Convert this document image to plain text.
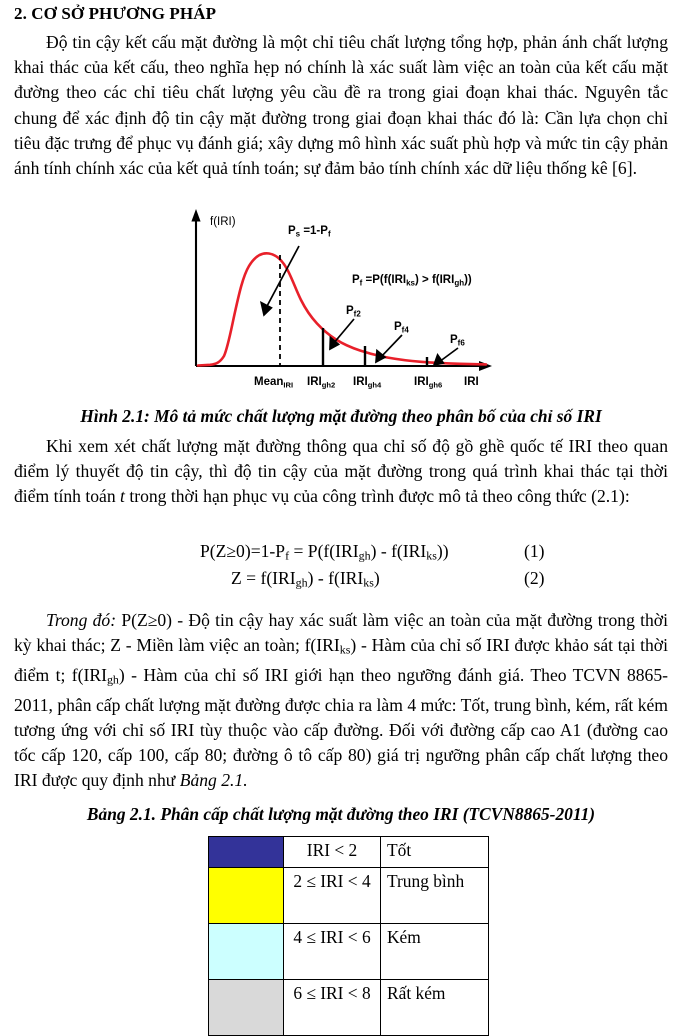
2. CƠ SỞ PHƯƠNG PHÁP
Độ tin cậy kết cấu mặt đường là một chỉ tiêu chất lượng tổng hợp, phản ánh chất lượng khai thác của kết cấu, theo nghĩa hẹp nó chính là xác suất làm việc an toàn của kết cấu mặt đường theo các chỉ tiêu chất lượng yêu cầu đề ra trong giai đoạn khai thác. Nguyên tắc chung để xác định độ tin cậy mặt đường trong giai đoạn khai thác đó là: Cần lựa chọn chỉ tiêu đặc trưng để phục vụ đánh giá; xây dựng mô hình xác suất phù hợp và mức tin cậy phản ánh tính chính xác của kết quả tính toán; sự đảm bảo tính chính xác dữ liệu thống kê [6].
f(IRI)
$P_s =1-P_f$
$P_f =P(f(IRI_{ks}) > f(IRI_{gh}))$
$P_{f2}$
$P_{f4}$
$P_{f6}$
Mean$_{IRI}$ $IRI_{gh2}$ $IRI_{gh4}$	$IRI_{gh6}$ IRI
Hình 2.1: Mô tả mức chất lượng mặt đường theo phân bố của chỉ số IRI
Khi xem xét chất lượng mặt đường thông qua chỉ số độ gồ ghề quốc tế IRI theo quan điểm lý thuyết độ tin cậy, thì độ tin cậy của mặt đường trong quá trình khai thác tại thời điểm tính toán t trong thời hạn phục vụ của công trình được mô tả theo công thức (2.1):
$P(Z\ge 0)=1-P_f = P(f(IRI_{gh}) - f(IRI_{ks}))$	(1)
$Z = f(IRI_{gh}) - f(IRI_{ks})$	(2)
Trong đó: P(Z≥0) - Độ tin cậy hay xác suất làm việc an toàn của mặt đường trong thời kỳ khai thác; Z - Miền làm việc an toàn; $f(IRI_{ks})$ - Hàm của chỉ số IRI được khảo sát tại thời điểm t; $f(IRI_{gh})$ - Hàm của chỉ số IRI giới hạn theo ngưỡng đánh giá. Theo TCVN 8865-2011, phân cấp chất lượng mặt đường được chia ra làm 4 mức: Tốt, trung bình, kém, rất kém tương ứng với chỉ số IRI tùy thuộc vào cấp đường. Đối với đường cấp cao A1 (đường cao tốc cấp 120, cấp 100, cấp 80; đường ô tô cấp 80) giá trị ngưỡng phân cấp chất lượng theo IRI được quy định như Bảng 2.1.
Bảng 2.1. Phân cấp chất lượng mặt đường theo IRI (TCVN8865-2011)
	IRI < 2	Tốt

	2 ≤ IRI < 4	Trung bình

	4 ≤ IRI < 6	Kém

	6 ≤ IRI < 8	Rất kém
